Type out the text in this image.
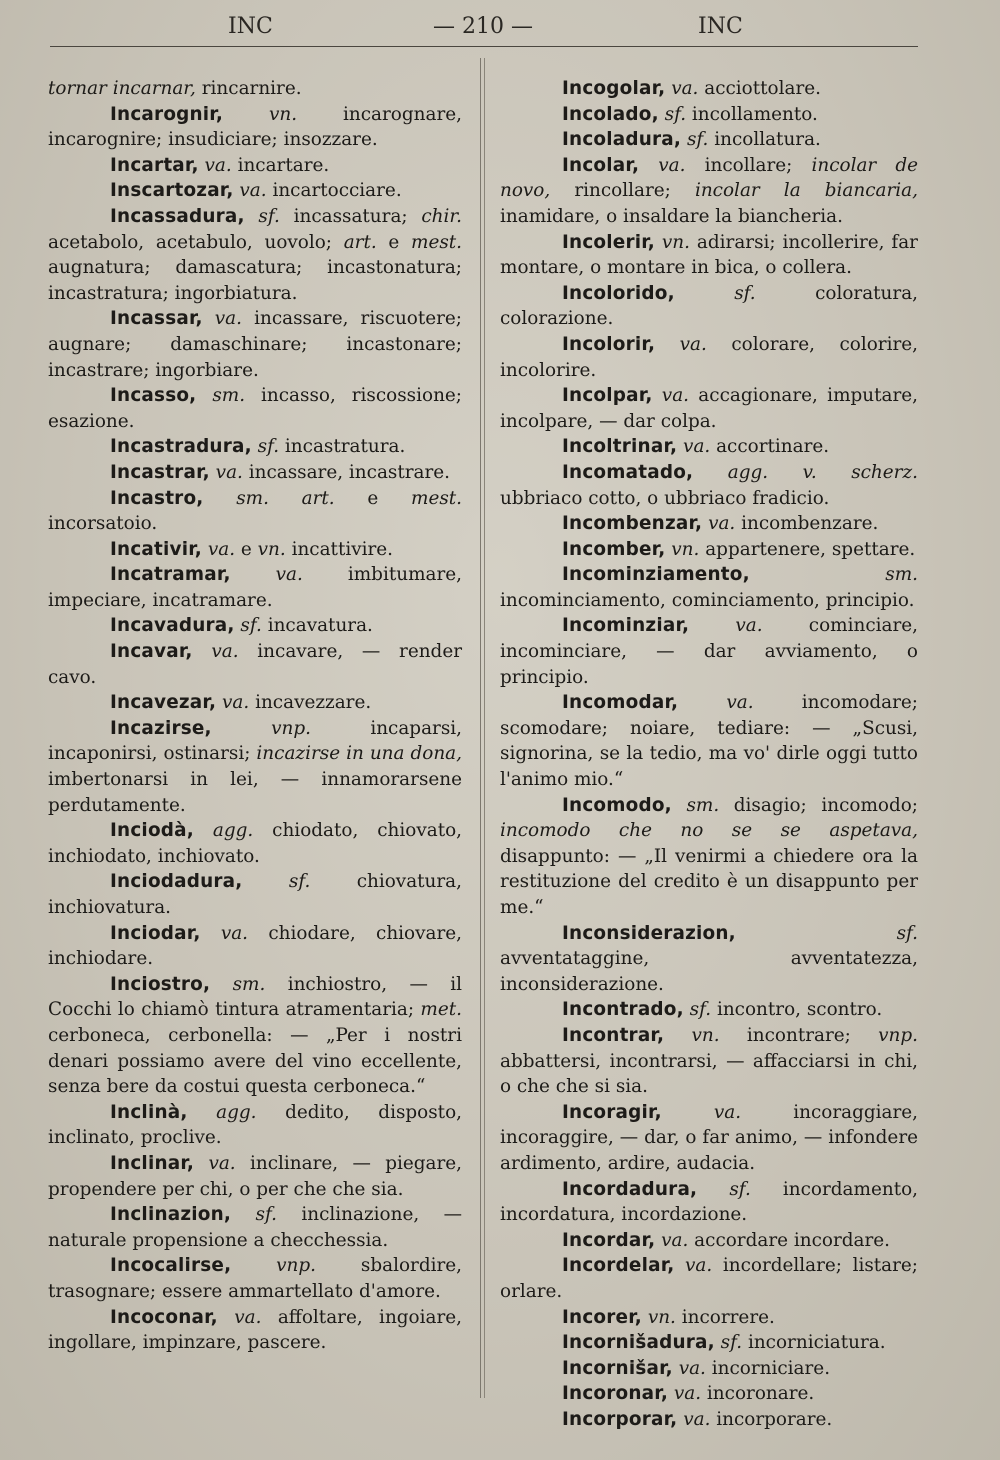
INC	— 210 —	INC

tornar incarnar, rincarnire.

Incarognir, vn. incarognare, incarognire; insudiciare; insozzare.

Incartar, va. incartare.

Inscartozar, va. incartocciare.

Incassadura, sf. incassatura; chir. acetabolo, acetabulo, uovolo; art. e mest. augnatura; damascatura; incastonatura; incastratura; ingorbiatura.

Incassar, va. incassare, riscuotere; augnare; damaschinare; incastonare; incastrare; ingorbiare.

Incasso, sm. incasso, riscossione; esazione.

Incastradura, sf. incastratura.

Incastrar, va. incassare, incastrare.

Incastro, sm. art. e mest. incorsatoio.

Incativir, va. e vn. incattivire.

Incatramar, va. imbitumare, impeciare, incatramare.

Incavadura, sf. incavatura.

Incavar, va. incavare, — render cavo.

Incavezar, va. incavezzare.

Incazirse, vnp. incaparsi, incaponirsi, ostinarsi; incazirse in una dona, imbertonarsi in lei, — innamorarsene perdutamente.

Inciodà, agg. chiodato, chiovato, inchiodato, inchiovato.

Inciodadura, sf. chiovatura, inchiovatura.

Inciodar, va. chiodare, chiovare, inchiodare.

Inciostro, sm. inchiostro, — il Cocchi lo chiamò tintura atramentaria; met. cerboneca, cerbonella: — „Per i nostri denari possiamo avere del vino eccellente, senza bere da costui questa cerboneca.“

Inclinà, agg. dedito, disposto, inclinato, proclive.

Inclinar, va. inclinare, — piegare, propendere per chi, o per che che sia.

Inclinazion, sf. inclinazione, — naturale propensione a checchessia.

Incocalirse, vnp. sbalordire, trasognare; essere ammartellato d'amore.

Incoconar, va. affoltare, ingoiare, ingollare, impinzare, pascere.

Incogolar, va. acciottolare.

Incolado, sf. incollamento.

Incoladura, sf. incollatura.

Incolar, va. incollare; incolar de novo, rincollare; incolar la biancaria, inamidare, o insaldare la biancheria.

Incolerir, vn. adirarsi; incollerire, far montare, o montare in bica, o collera.

Incolorido, sf. coloratura, colorazione.

Incolorir, va. colorare, colorire, incolorire.

Incolpar, va. accagionare, imputare, incolpare, — dar colpa.

Incoltrinar, va. accortinare.

Incomatado, agg. v. scherz. ubbriaco cotto, o ubbriaco fradicio.

Incombenzar, va. incombenzare.

Incomber, vn. appartenere, spettare.

Incominziamento, sm. incominciamento, cominciamento, principio.

Incominziar, va. cominciare, incominciare, — dar avviamento, o principio.

Incomodar, va. incomodare; scomodare; noiare, tediare: — „Scusi, signorina, se la tedio, ma vo' dirle oggi tutto l'animo mio.“

Incomodo, sm. disagio; incomodo; incomodo che no se se aspetava, disappunto: — „Il venirmi a chiedere ora la restituzione del credito è un disappunto per me.“

Inconsiderazion, sf. avventataggine, avventatezza, inconsiderazione.

Incontrado, sf. incontro, scontro.

Incontrar, vn. incontrare; vnp. abbattersi, incontrarsi, — affacciarsi in chi, o che che si sia.

Incoragir, va. incoraggiare, incoraggire, — dar, o far animo, — infondere ardimento, ardire, audacia.

Incordadura, sf. incordamento, incordatura, incordazione.

Incordar, va. accordare incordare.

Incordelar, va. incordellare; listare; orlare.

Incorer, vn. incorrere.

Incornišadura, sf. incorniciatura.

Incornišar, va. incorniciare.

Incoronar, va. incoronare.

Incorporar, va. incorporare.
